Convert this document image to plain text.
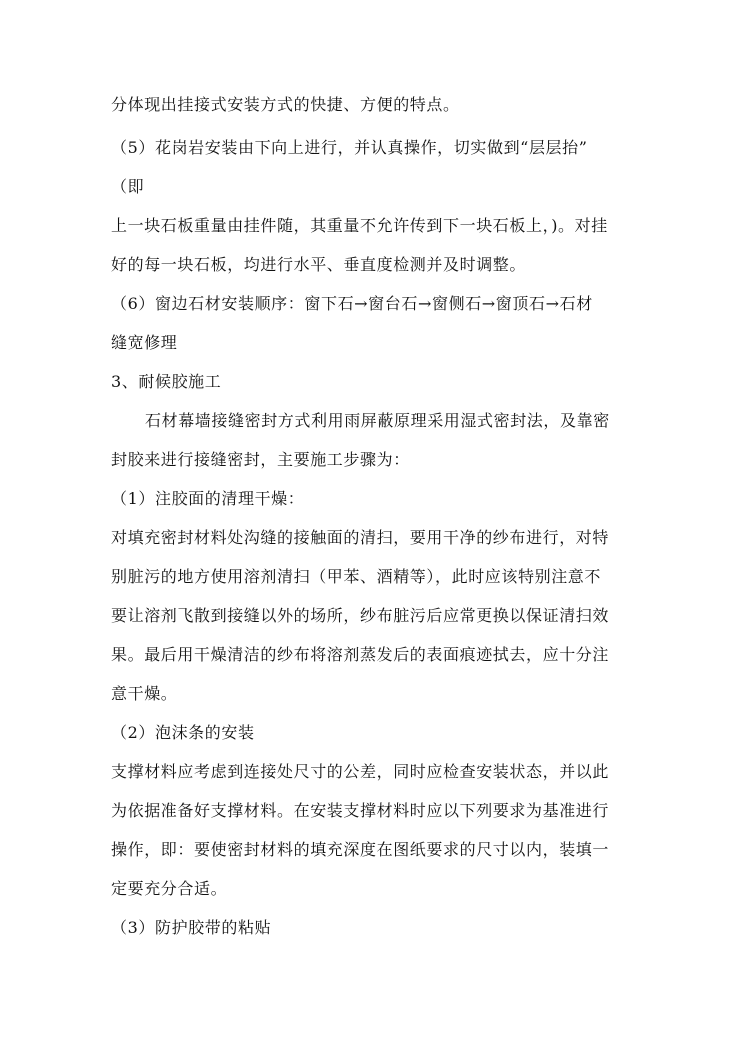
分体现出挂接式安装方式的快捷、方便的特点。
（5）花岗岩安装由下向上进行，并认真操作，切实做到“层层抬”
（即
上一块石板重量由挂件随，其重量不允许传到下一块石板上，)。对挂
好的每一块石板，均进行水平、垂直度检测并及时调整。
（6）窗边石材安装顺序：窗下石→窗台石→窗侧石→窗顶石→石材
缝宽修理
3、耐候胶施工
石材幕墙接缝密封方式利用雨屏蔽原理采用湿式密封法，及靠密
封胶来进行接缝密封，主要施工步骤为：
（1）注胶面的清理干燥：
对填充密封材料处沟缝的接触面的清扫，要用干净的纱布进行，对特
别脏污的地方使用溶剂清扫（甲苯、酒精等），此时应该特别注意不
要让溶剂飞散到接缝以外的场所，纱布脏污后应常更换以保证清扫效
果。最后用干燥清洁的纱布将溶剂蒸发后的表面痕迹拭去，应十分注
意干燥。
（2）泡沫条的安装
支撑材料应考虑到连接处尺寸的公差，同时应检查安装状态，并以此
为依据准备好支撑材料。在安装支撑材料时应以下列要求为基准进行
操作，即：要使密封材料的填充深度在图纸要求的尺寸以内，装填一
定要充分合适。
（3）防护胶带的粘贴
